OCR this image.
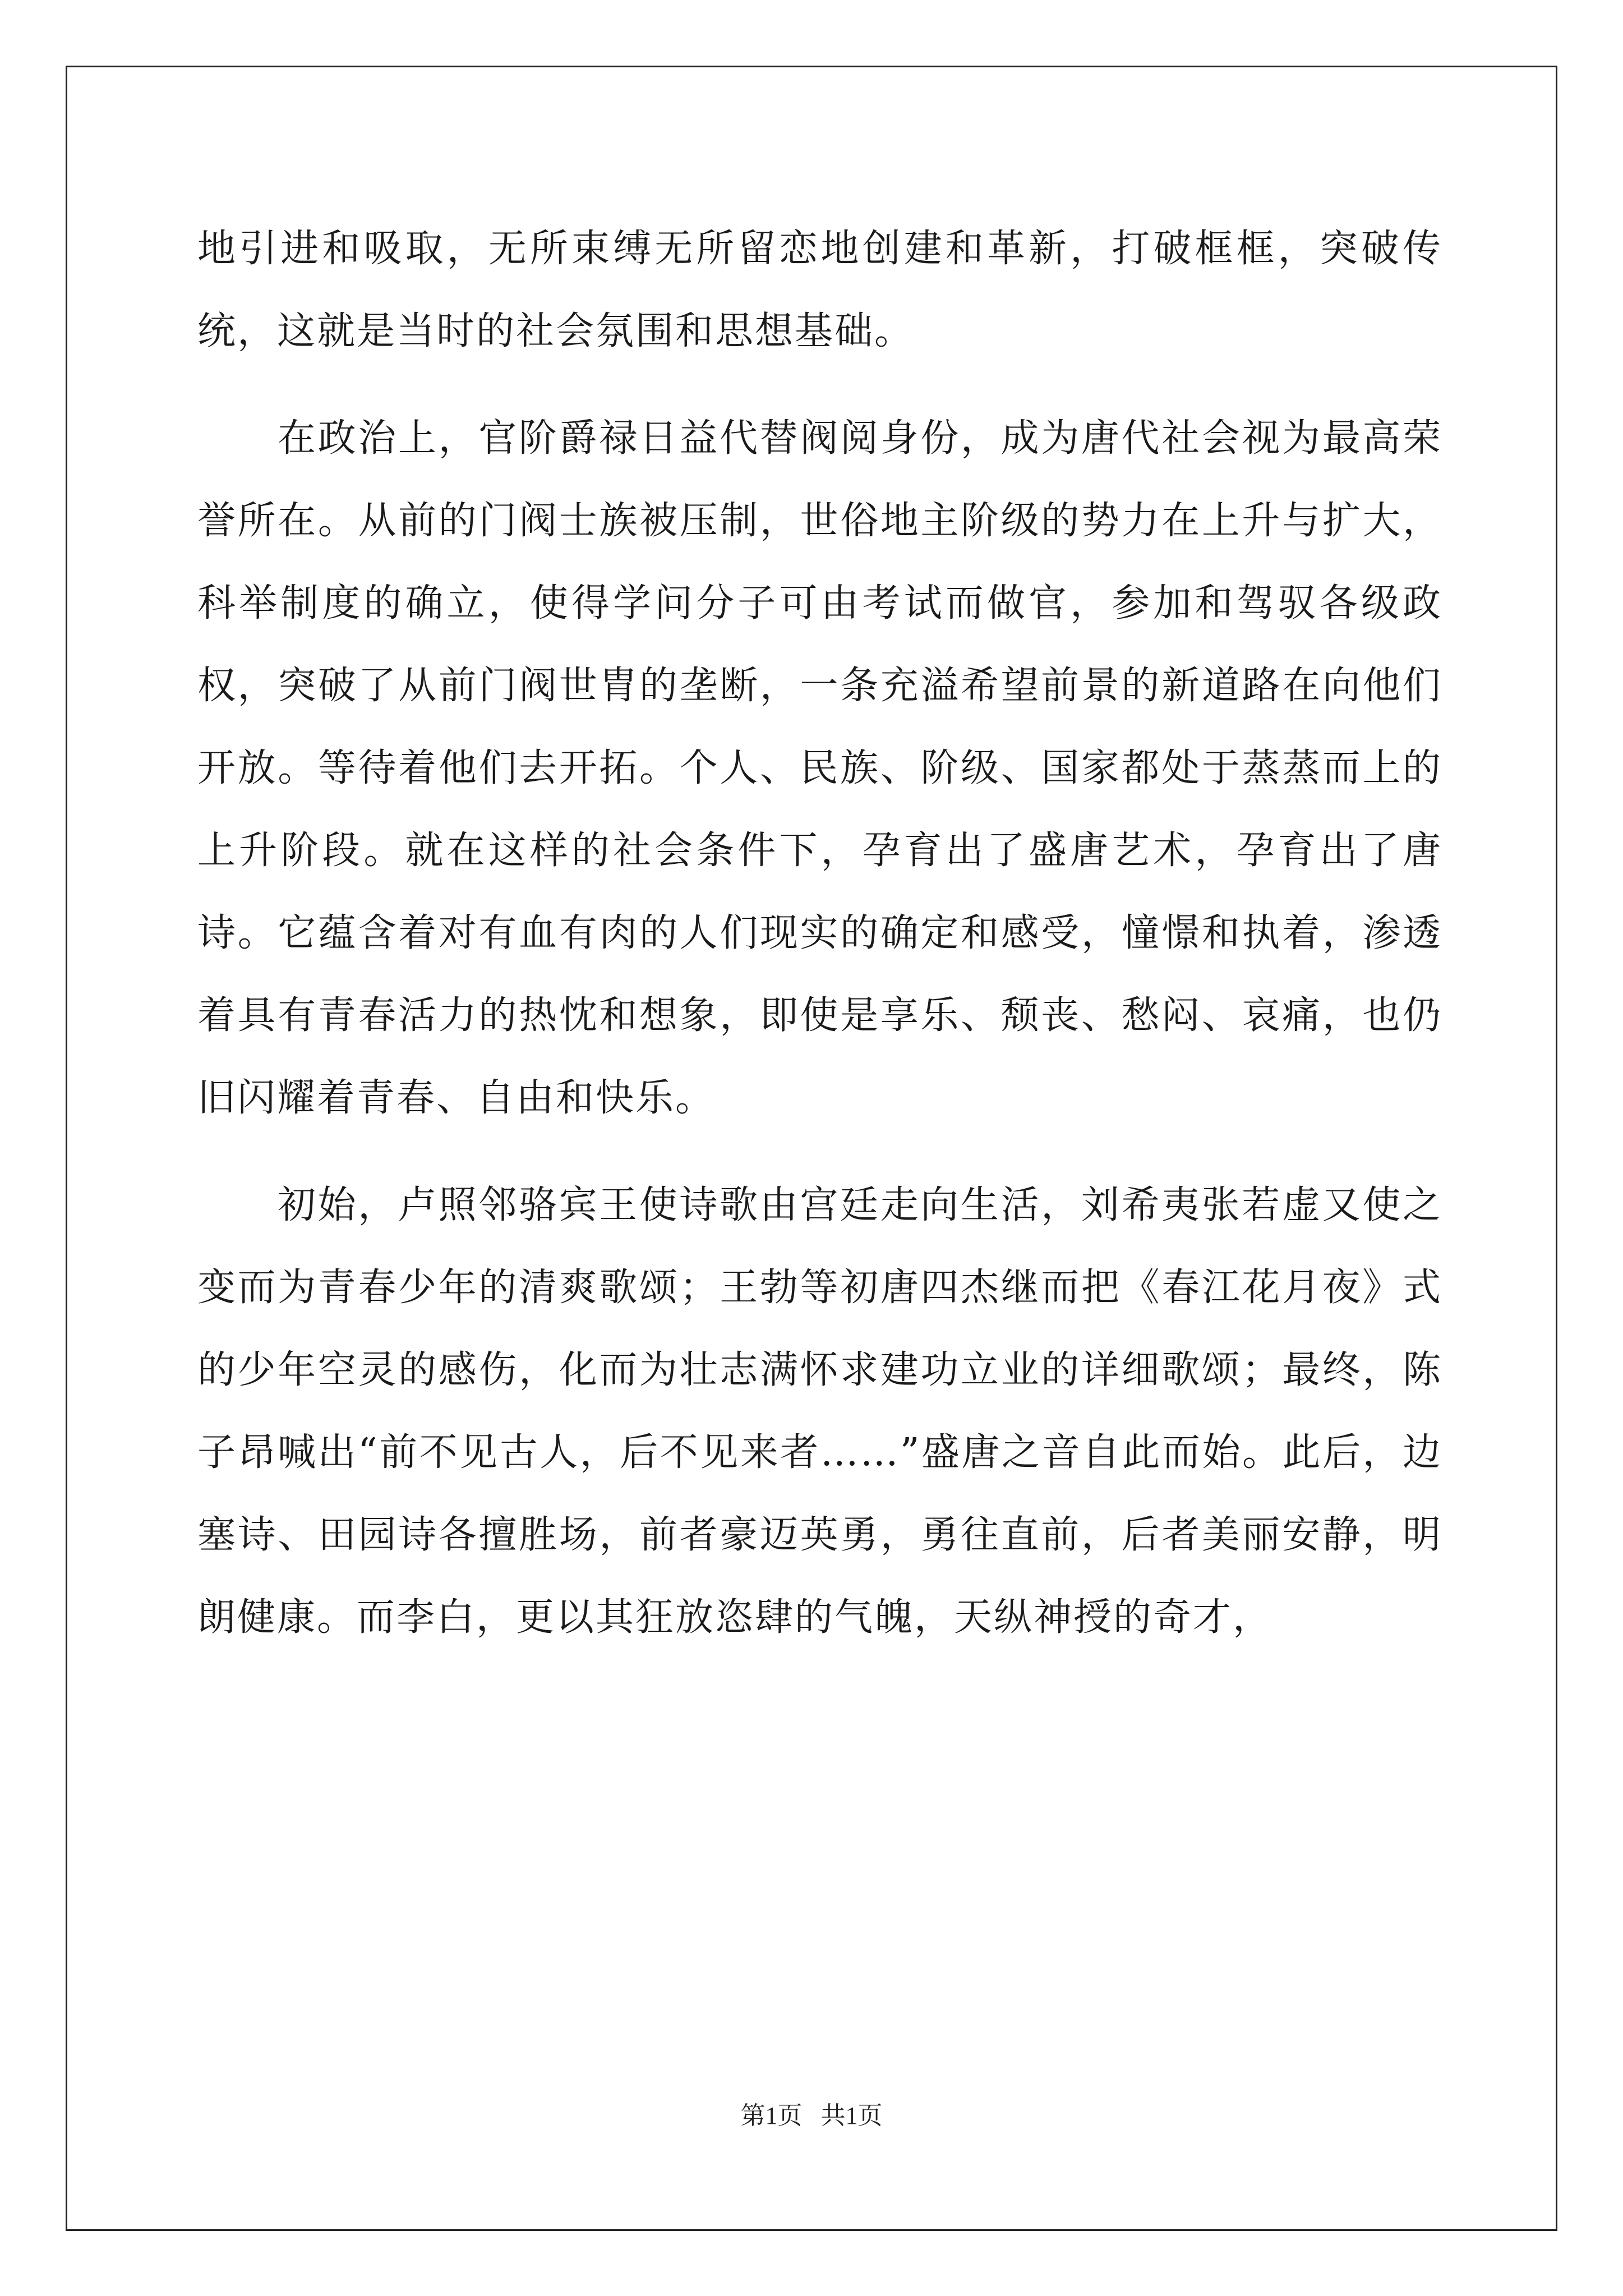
地引进和吸取，无所束缚无所留恋地创建和革新，打破框框，突破传统，这就是当时的社会氛围和思想基础。

在政治上，官阶爵禄日益代替阀阅身份，成为唐代社会视为最高荣誉所在。从前的门阀士族被压制，世俗地主阶级的势力在上升与扩大，科举制度的确立，使得学问分子可由考试而做官，参加和驾驭各级政权，突破了从前门阀世胄的垄断，一条充溢希望前景的新道路在向他们开放。等待着他们去开拓。个人、民族、阶级、国家都处于蒸蒸而上的上升阶段。就在这样的社会条件下，孕育出了盛唐艺术，孕育出了唐诗。它蕴含着对有血有肉的人们现实的确定和感受，憧憬和执着，渗透着具有青春活力的热忱和想象，即使是享乐、颓丧、愁闷、哀痛，也仍旧闪耀着青春、自由和快乐。

初始，卢照邻骆宾王使诗歌由宫廷走向生活，刘希夷张若虚又使之变而为青春少年的清爽歌颂；王勃等初唐四杰继而把《春江花月夜》式的少年空灵的感伤，化而为壮志满怀求建功立业的详细歌颂；最终，陈子昂喊出“前不见古人，后不见来者……”盛唐之音自此而始。此后，边塞诗、田园诗各擅胜场，前者豪迈英勇，勇往直前，后者美丽安静，明朗健康。而李白，更以其狂放恣肆的气魄，天纵神授的奇才，

第1页   共1页
